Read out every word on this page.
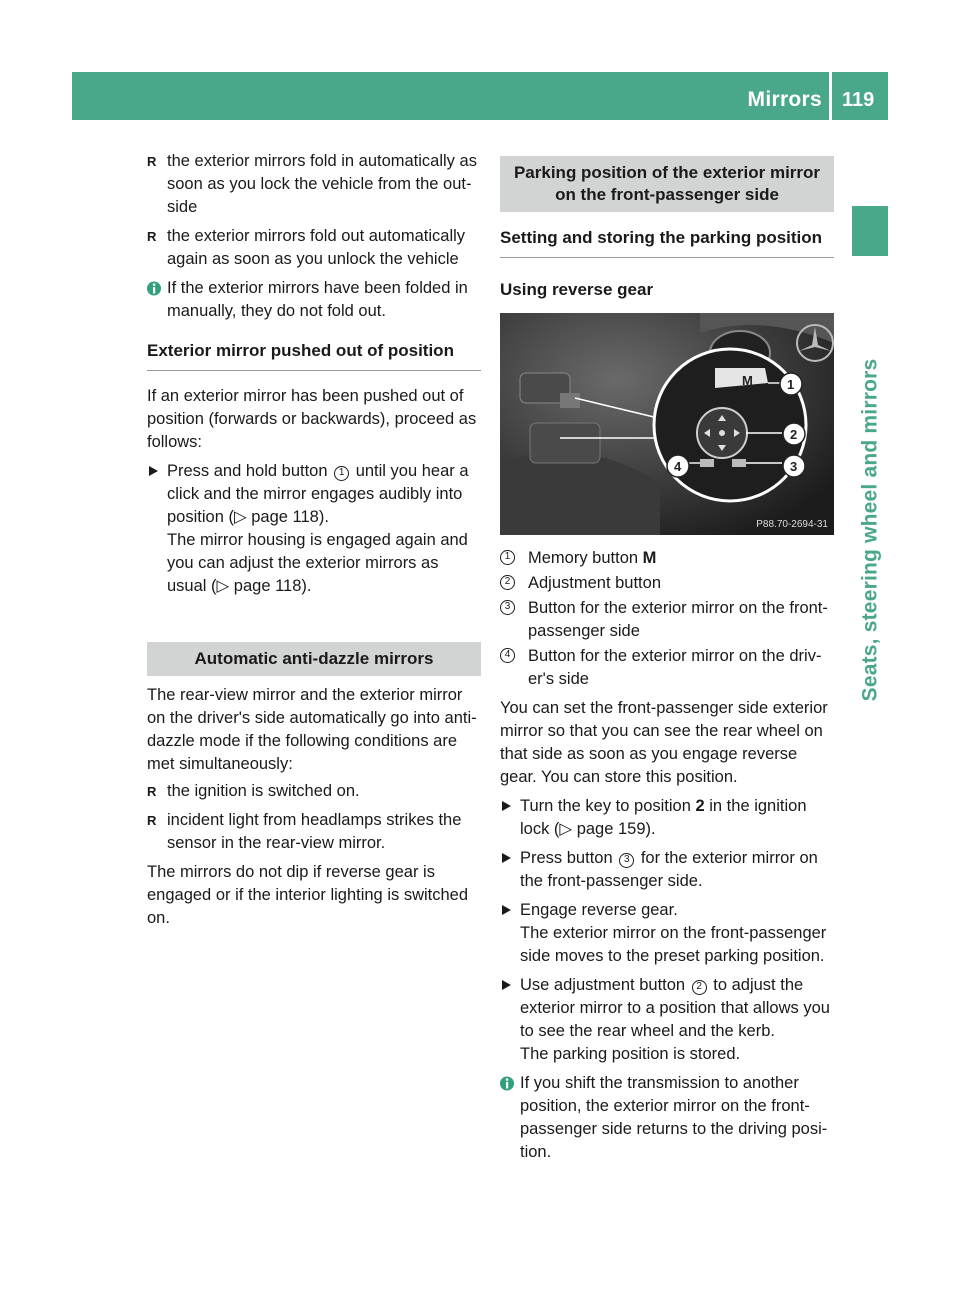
Mirrors 119
Seats, steering wheel and mirrors
R the exterior mirrors fold in automatically as soon as you lock the vehicle from the out-side
R the exterior mirrors fold out automatically again as soon as you unlock the vehicle
If the exterior mirrors have been folded in manually, they do not fold out.
Exterior mirror pushed out of position

If an exterior mirror has been pushed out of position (forwards or backwards), proceed as follows:

Press and hold button 1 until you hear a click and the mirror engages audibly into position (▷ page 118).
The mirror housing is engaged again and you can adjust the exterior mirrors as usual (▷ page 118).
Automatic anti-dazzle mirrors

The rear-view mirror and the exterior mirror on the driver's side automatically go into anti-dazzle mode if the following conditions are met simultaneously:

R the ignition is switched on.
R incident light from headlamps strikes the sensor in the rear-view mirror.

The mirrors do not dip if reverse gear is engaged or if the interior lighting is switched on.

Parking position of the exterior mirror on the front-passenger side
Setting and storing the parking position
Using reverse gear
M	1
2
3
4
P88.70-2694-31
1 Memory button M
2 Adjustment button
3 Button for the exterior mirror on the front-passenger side
4 Button for the exterior mirror on the driv-er's side

You can set the front-passenger side exterior mirror so that you can see the rear wheel on that side as soon as you engage reverse gear. You can store this position.

Turn the key to position 2 in the ignition lock (▷ page 159).
Press button 3 for the exterior mirror on the front-passenger side.
Engage reverse gear.
The exterior mirror on the front-passenger side moves to the preset parking position.
Use adjustment button 2 to adjust the exterior mirror to a position that allows you to see the rear wheel and the kerb.
The parking position is stored.
If you shift the transmission to another position, the exterior mirror on the front-passenger side returns to the driving posi-tion.
